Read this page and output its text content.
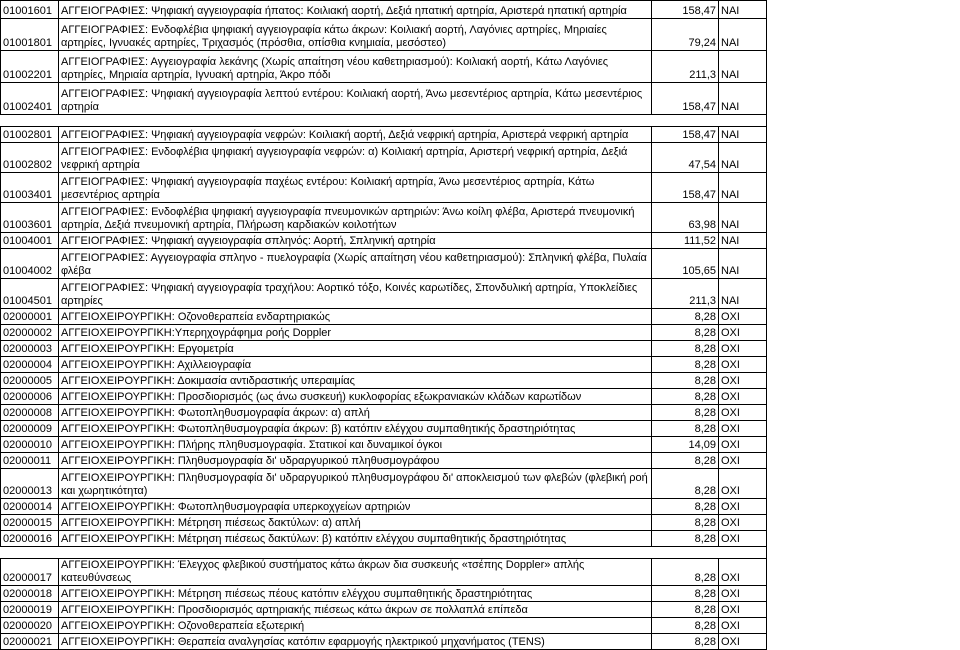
01001601	ΑΓΓΕΙΟΓΡΑΦΙΕΣ: Ψηφιακή αγγειογραφία ήπατος: Κοιλιακή αορτή, Δεξιά ηπατική αρτηρία, Αριστερά ηπατική αρτηρία	158,47	ΝΑΙ	
01001801	ΑΓΓΕΙΟΓΡΑΦΙΕΣ: Ενδοφλέβια ψηφιακή αγγειογραφία κάτω άκρων: Κοιλιακή αορτή, Λαγόνιες αρτηρίες, Μηριαίες αρτηρίες, Ιγνυακές αρτηρίες, Τριχασμός (πρόσθια, οπίσθια κνημιαία, μεσόστεο)	79,24	ΝΑΙ	
01002201	ΑΓΓΕΙΟΓΡΑΦΙΕΣ: Αγγειογραφία λεκάνης (Χωρίς απαίτηση νέου καθετηριασμού): Κοιλιακή αορτή, Κάτω Λαγόνιες αρτηρίες, Μηριαία αρτηρία, Ιγνυακή αρτηρία, Άκρο πόδι	211,3	ΝΑΙ	
01002401	ΑΓΓΕΙΟΓΡΑΦΙΕΣ: Ψηφιακή αγγειογραφία λεπτού εντέρου: Κοιλιακή αορτή, Άνω μεσεντέριος αρτηρία, Κάτω μεσεντέριος αρτηρία	158,47	ΝΑΙ	

01002801	ΑΓΓΕΙΟΓΡΑΦΙΕΣ: Ψηφιακή αγγειογραφία νεφρών: Κοιλιακή αορτή, Δεξιά νεφρική αρτηρία, Αριστερά νεφρική αρτηρία	158,47	ΝΑΙ	
01002802	ΑΓΓΕΙΟΓΡΑΦΙΕΣ: Ενδοφλέβια ψηφιακή αγγειογραφία νεφρών: α) Κοιλιακή αρτηρία, Αριστερή νεφρική αρτηρία, Δεξιά νεφρική αρτηρία	47,54	ΝΑΙ	
01003401	ΑΓΓΕΙΟΓΡΑΦΙΕΣ: Ψηφιακή αγγειογραφία παχέως εντέρου: Κοιλιακή αρτηρία, Άνω μεσεντέριος αρτηρία, Κάτω μεσεντέριος αρτηρία	158,47	ΝΑΙ	
01003601	ΑΓΓΕΙΟΓΡΑΦΙΕΣ: Ενδοφλέβια ψηφιακή αγγειογραφία πνευμονικών αρτηριών: Άνω κοίλη φλέβα, Αριστερά πνευμονική αρτηρία, Δεξιά πνευμονική αρτηρία, Πλήρωση καρδιακών κοιλοτήτων	63,98	ΝΑΙ	
01004001	ΑΓΓΕΙΟΓΡΑΦΙΕΣ: Ψηφιακή αγγειογραφία σπληνός: Αορτή, Σπληνική αρτηρία	111,52	ΝΑΙ	
01004002	ΑΓΓΕΙΟΓΡΑΦΙΕΣ: Αγγειογραφία σπληνο - πυελογραφία (Χωρίς απαίτηση νέου καθετηριασμού): Σπληνική φλέβα, Πυλαία φλέβα	105,65	ΝΑΙ	
01004501	ΑΓΓΕΙΟΓΡΑΦΙΕΣ: Ψηφιακή αγγειογραφία τραχήλου: Αορτικό τόξο, Κοινές καρωτίδες, Σπονδυλική αρτηρία, Υποκλείδιες αρτηρίες	211,3	ΝΑΙ	
02000001	ΑΓΓΕΙΟΧΕΙΡΟΥΡΓΙΚΗ: Οζονοθεραπεία ενδαρτηριακώς	8,28	ΟΧΙ	
02000002	ΑΓΓΕΙΟΧΕΙΡΟΥΡΓΙΚΗ:Υπερηχογράφημα ροής Doppler	8,28	ΟΧΙ	
02000003	ΑΓΓΕΙΟΧΕΙΡΟΥΡΓΙΚΗ: Εργομετρία	8,28	ΟΧΙ	
02000004	ΑΓΓΕΙΟΧΕΙΡΟΥΡΓΙΚΗ: Αχιλλειογραφία	8,28	ΟΧΙ	
02000005	ΑΓΓΕΙΟΧΕΙΡΟΥΡΓΙΚΗ: Δοκιμασία αντιδραστικής υπεραιμίας	8,28	ΟΧΙ	
02000006	ΑΓΓΕΙΟΧΕΙΡΟΥΡΓΙΚΗ: Προσδιορισμός (ως άνω συσκευή) κυκλοφορίας εξωκρανιακών κλάδων καρωτίδων	8,28	ΟΧΙ	
02000008	ΑΓΓΕΙΟΧΕΙΡΟΥΡΓΙΚΗ: Φωτοπληθυσμογραφία άκρων: α) απλή	8,28	ΟΧΙ	
02000009	ΑΓΓΕΙΟΧΕΙΡΟΥΡΓΙΚΗ: Φωτοπληθυσμογραφία άκρων: β) κατόπιν ελέγχου συμπαθητικής δραστηριότητας	8,28	ΟΧΙ	
02000010	ΑΓΓΕΙΟΧΕΙΡΟΥΡΓΙΚΗ: Πλήρης πληθυσμογραφία. Στατικοί και δυναμικοί όγκοι	14,09	ΟΧΙ	
02000011	ΑΓΓΕΙΟΧΕΙΡΟΥΡΓΙΚΗ: Πληθυσμογραφία δι' υδραργυρικού πληθυσμογράφου	8,28	ΟΧΙ	
02000013	ΑΓΓΕΙΟΧΕΙΡΟΥΡΓΙΚΗ: Πληθυσμογραφία δι' υδραργυρικού πληθυσμογράφου δι' αποκλεισμού των φλεβών (φλεβική ροή και χωρητικότητα)	8,28	ΟΧΙ	
02000014	ΑΓΓΕΙΟΧΕΙΡΟΥΡΓΙΚΗ: Φωτοπληθυσμογραφία υπερκοχγείων αρτηριών	8,28	ΟΧΙ	
02000015	ΑΓΓΕΙΟΧΕΙΡΟΥΡΓΙΚΗ: Μέτρηση πιέσεως δακτύλων: α) απλή	8,28	ΟΧΙ	
02000016	ΑΓΓΕΙΟΧΕΙΡΟΥΡΓΙΚΗ: Μέτρηση πιέσεως δακτύλων: β) κατόπιν ελέγχου συμπαθητικής δραστηριότητας	8,28	ΟΧΙ	

02000017	ΑΓΓΕΙΟΧΕΙΡΟΥΡΓΙΚΗ: Έλεγχος φλεβικού συστήματος κάτω άκρων δια συσκευής «τσέπης Doppler» απλής κατευθύνσεως	8,28	ΟΧΙ	
02000018	ΑΓΓΕΙΟΧΕΙΡΟΥΡΓΙΚΗ: Μέτρηση πιέσεως πέους κατόπιν ελέγχου συμπαθητικής δραστηριότητας	8,28	ΟΧΙ	
02000019	ΑΓΓΕΙΟΧΕΙΡΟΥΡΓΙΚΗ: Προσδιορισμός αρτηριακής πιέσεως κάτω άκρων σε πολλαπλά επίπεδα	8,28	ΟΧΙ	
02000020	ΑΓΓΕΙΟΧΕΙΡΟΥΡΓΙΚΗ: Οζονοθεραπεία εξωτερική	8,28	ΟΧΙ	
02000021	ΑΓΓΕΙΟΧΕΙΡΟΥΡΓΙΚΗ: Θεραπεία αναλγησίας κατόπιν εφαρμογής ηλεκτρικού μηχανήματος (TENS)	8,28	ΟΧΙ	
